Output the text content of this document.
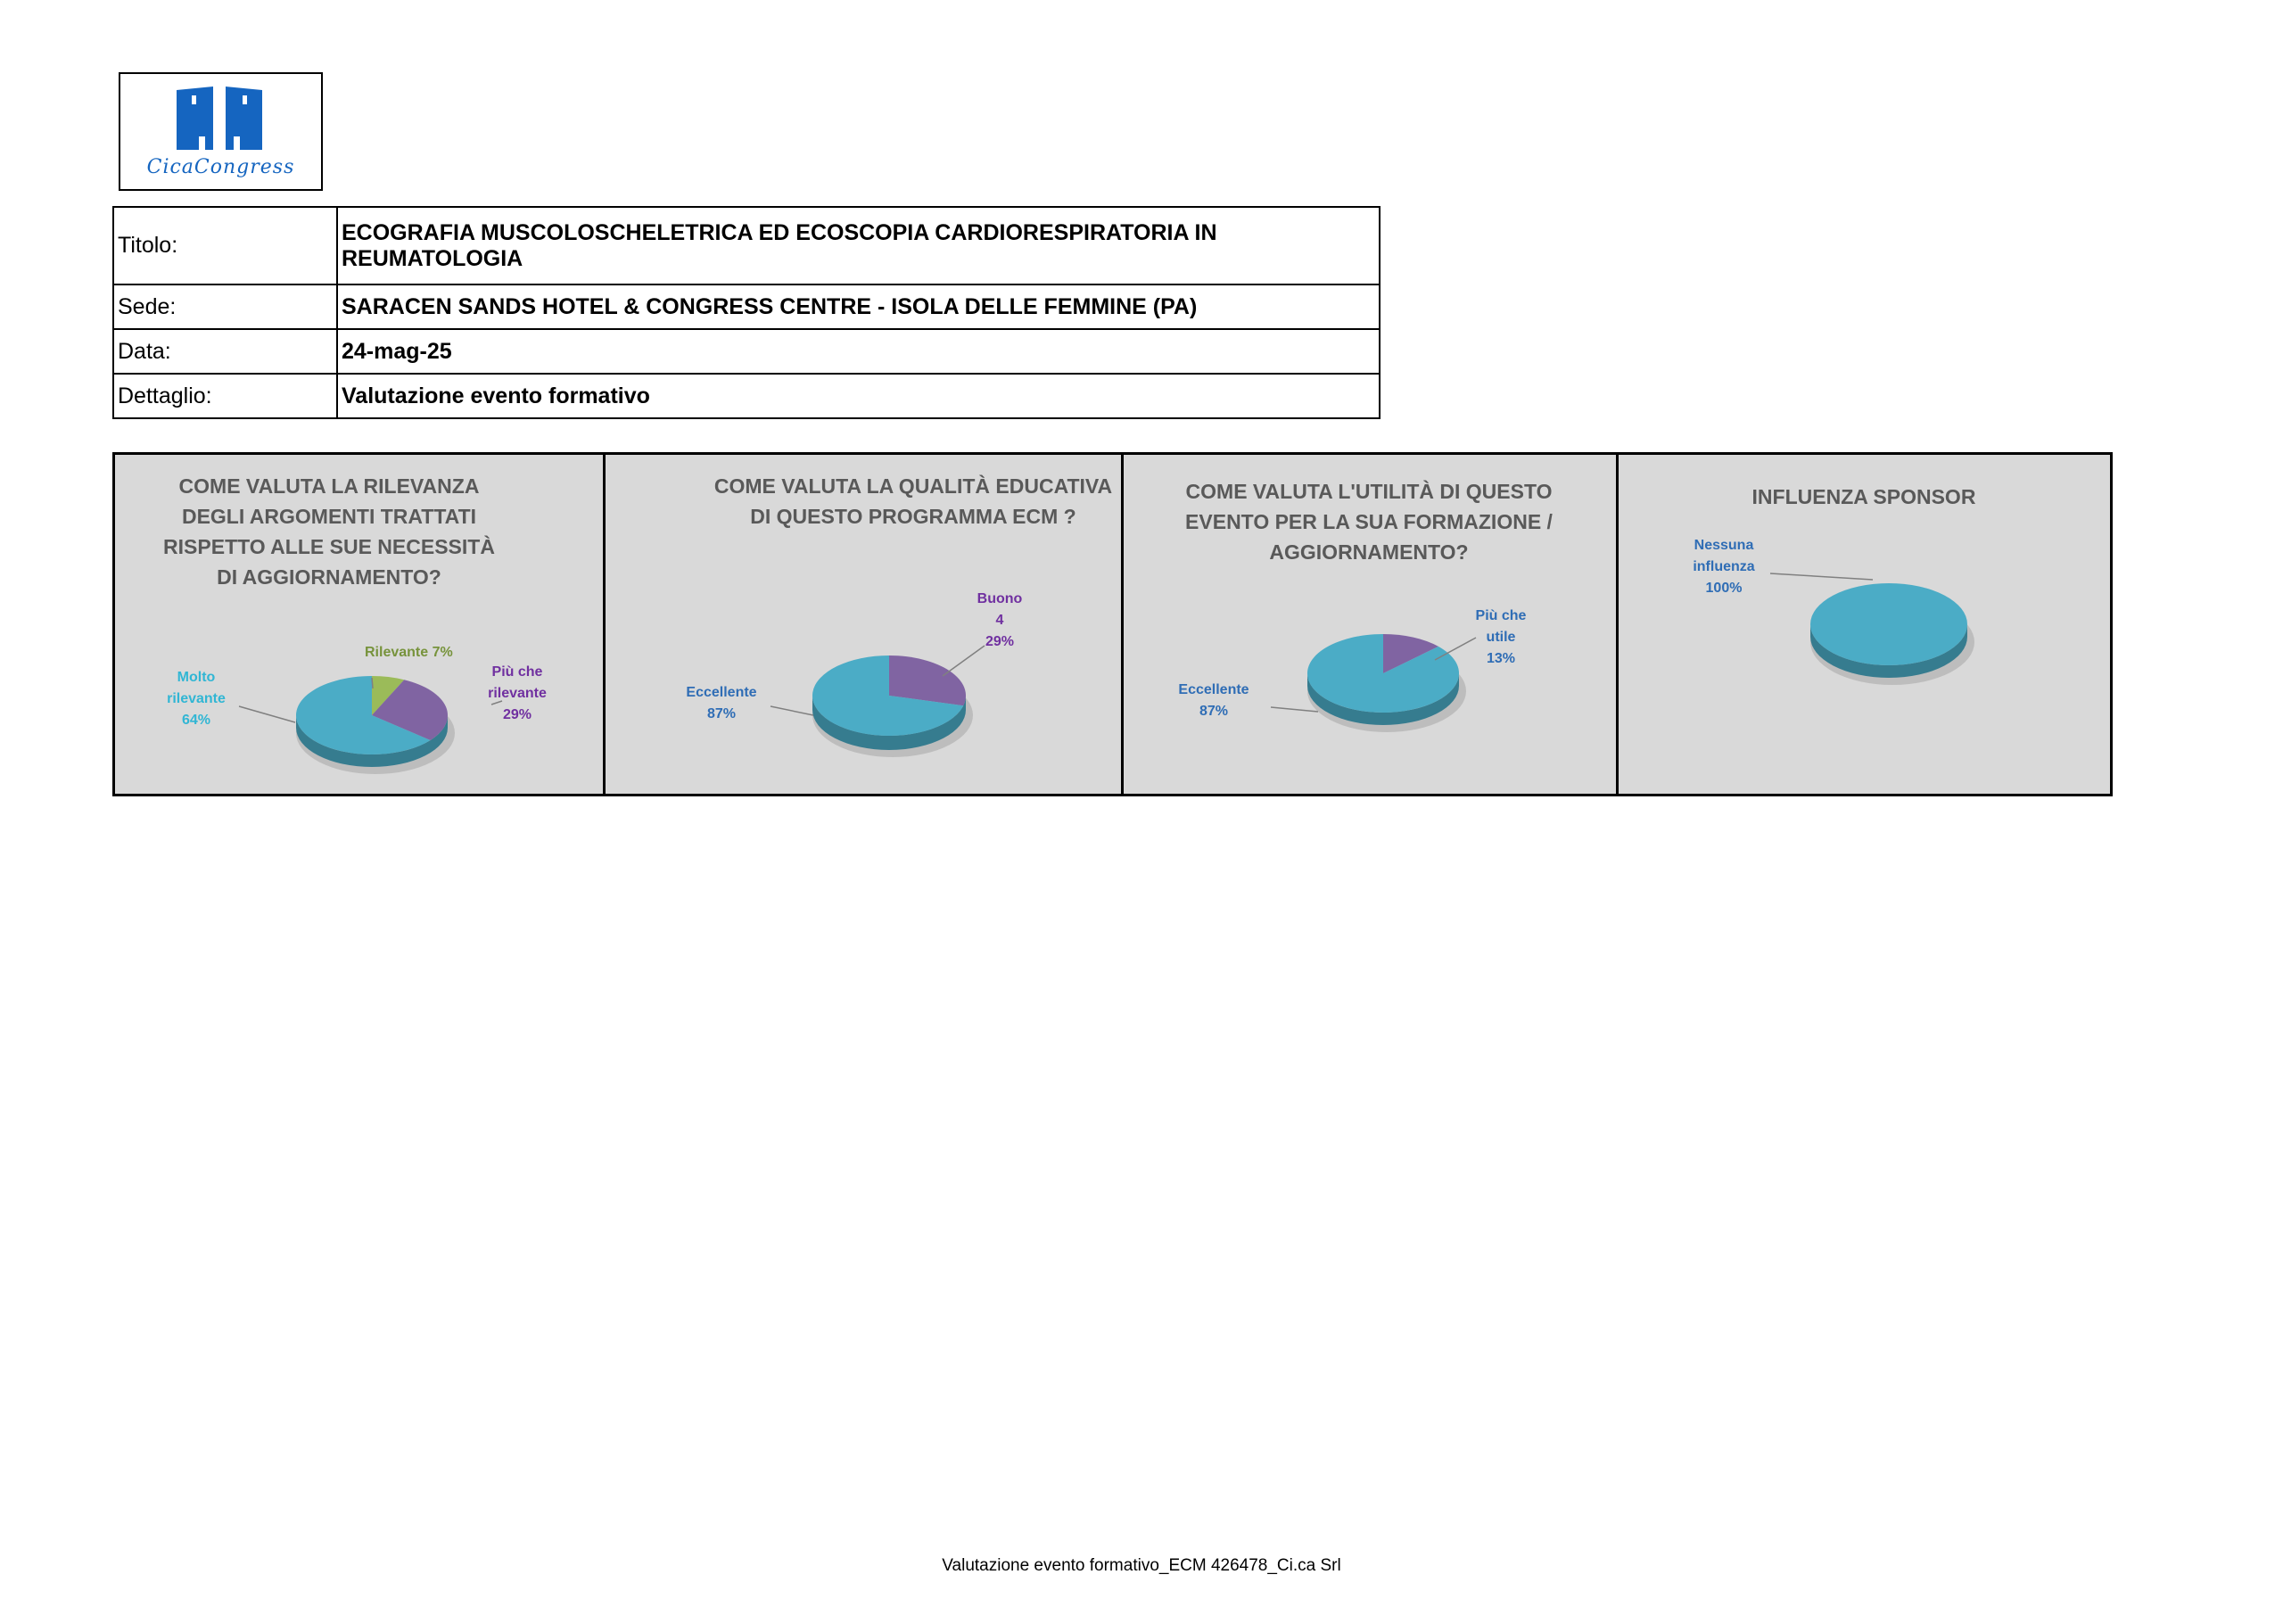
CicaCongress
Titolo:	ECOGRAFIA MUSCOLOSCHELETRICA ED ECOSCOPIA CARDIORESPIRATORIA IN REUMATOLOGIA
Sede:	SARACEN SANDS HOTEL & CONGRESS CENTRE - ISOLA DELLE FEMMINE (PA)
Data:	24-mag-25
Dettaglio:	Valutazione evento formativo
COME VALUTA LA RILEVANZA DEGLI ARGOMENTI TRATTATI RISPETTO ALLE SUE NECESSITÀ DI AGGIORNAMENTO?
Rilevante 7%
Più che rilevante
29%
Molto rilevante
64%
COME VALUTA LA QUALITÀ EDUCATIVA DI QUESTO PROGRAMMA ECM ?
Buono 4
29%
Eccellente
87%
COME VALUTA L'UTILITÀ DI QUESTO EVENTO PER LA SUA FORMAZIONE / AGGIORNAMENTO?
Più che utile
13%
Eccellente
87%
INFLUENZA SPONSOR
Nessuna influenza
100%
Valutazione evento formativo_ECM 426478_Ci.ca Srl
